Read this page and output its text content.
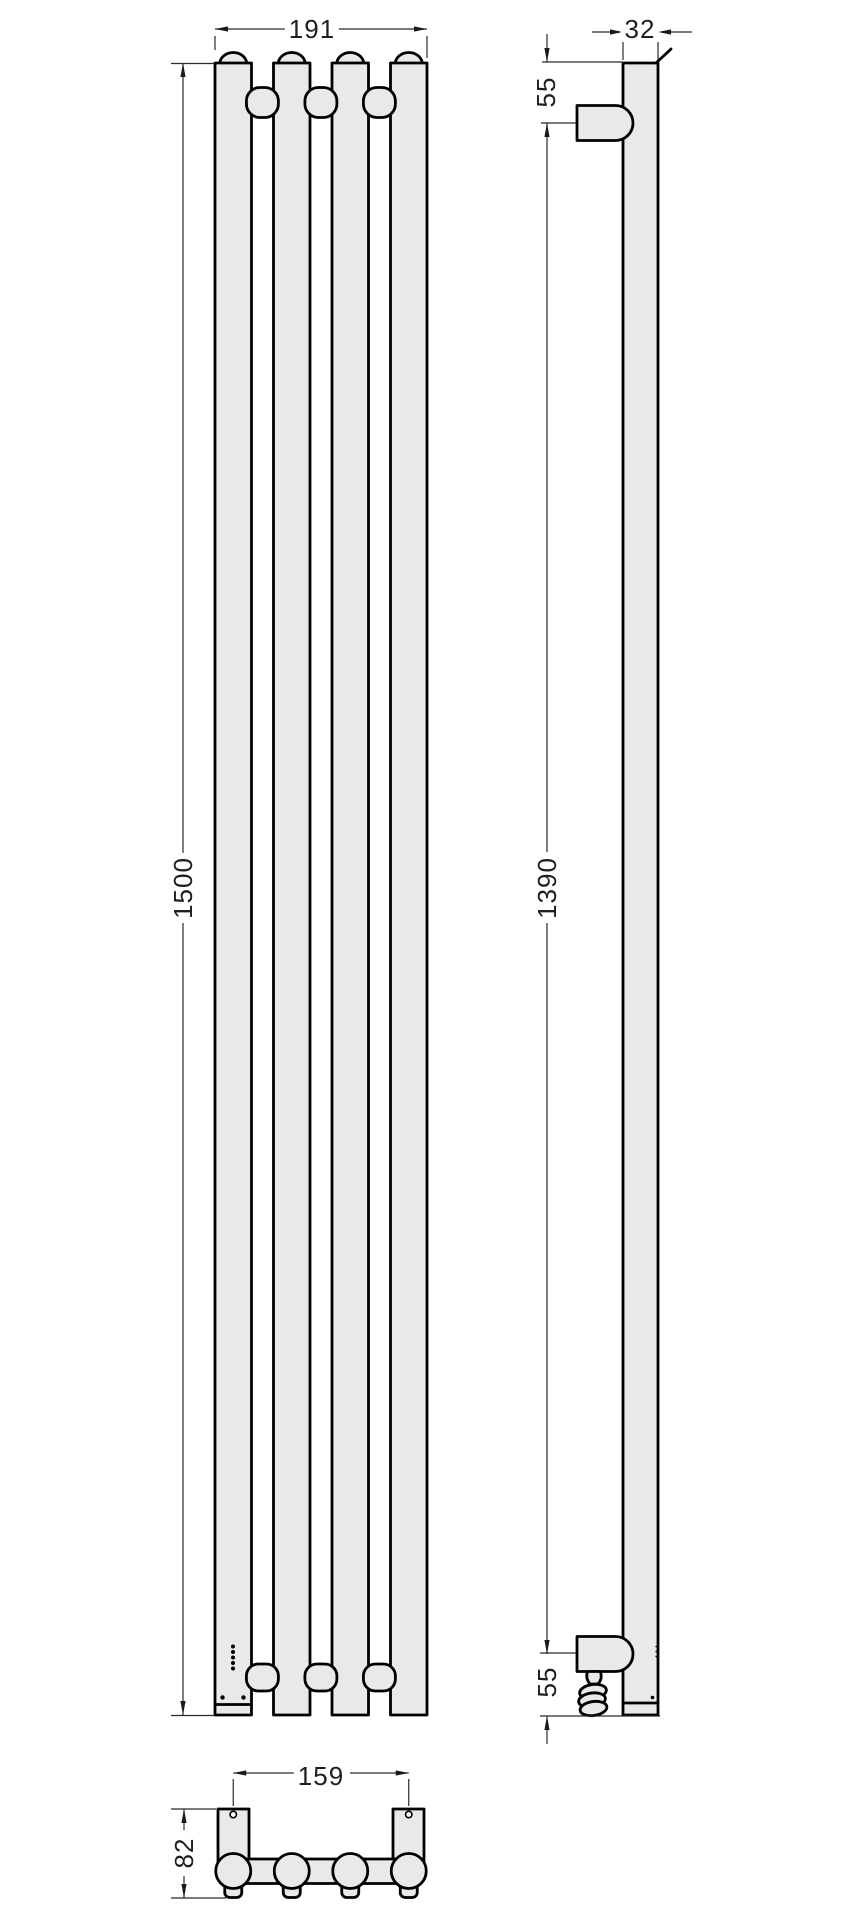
191
1500
32
55
1390
55
159
82
